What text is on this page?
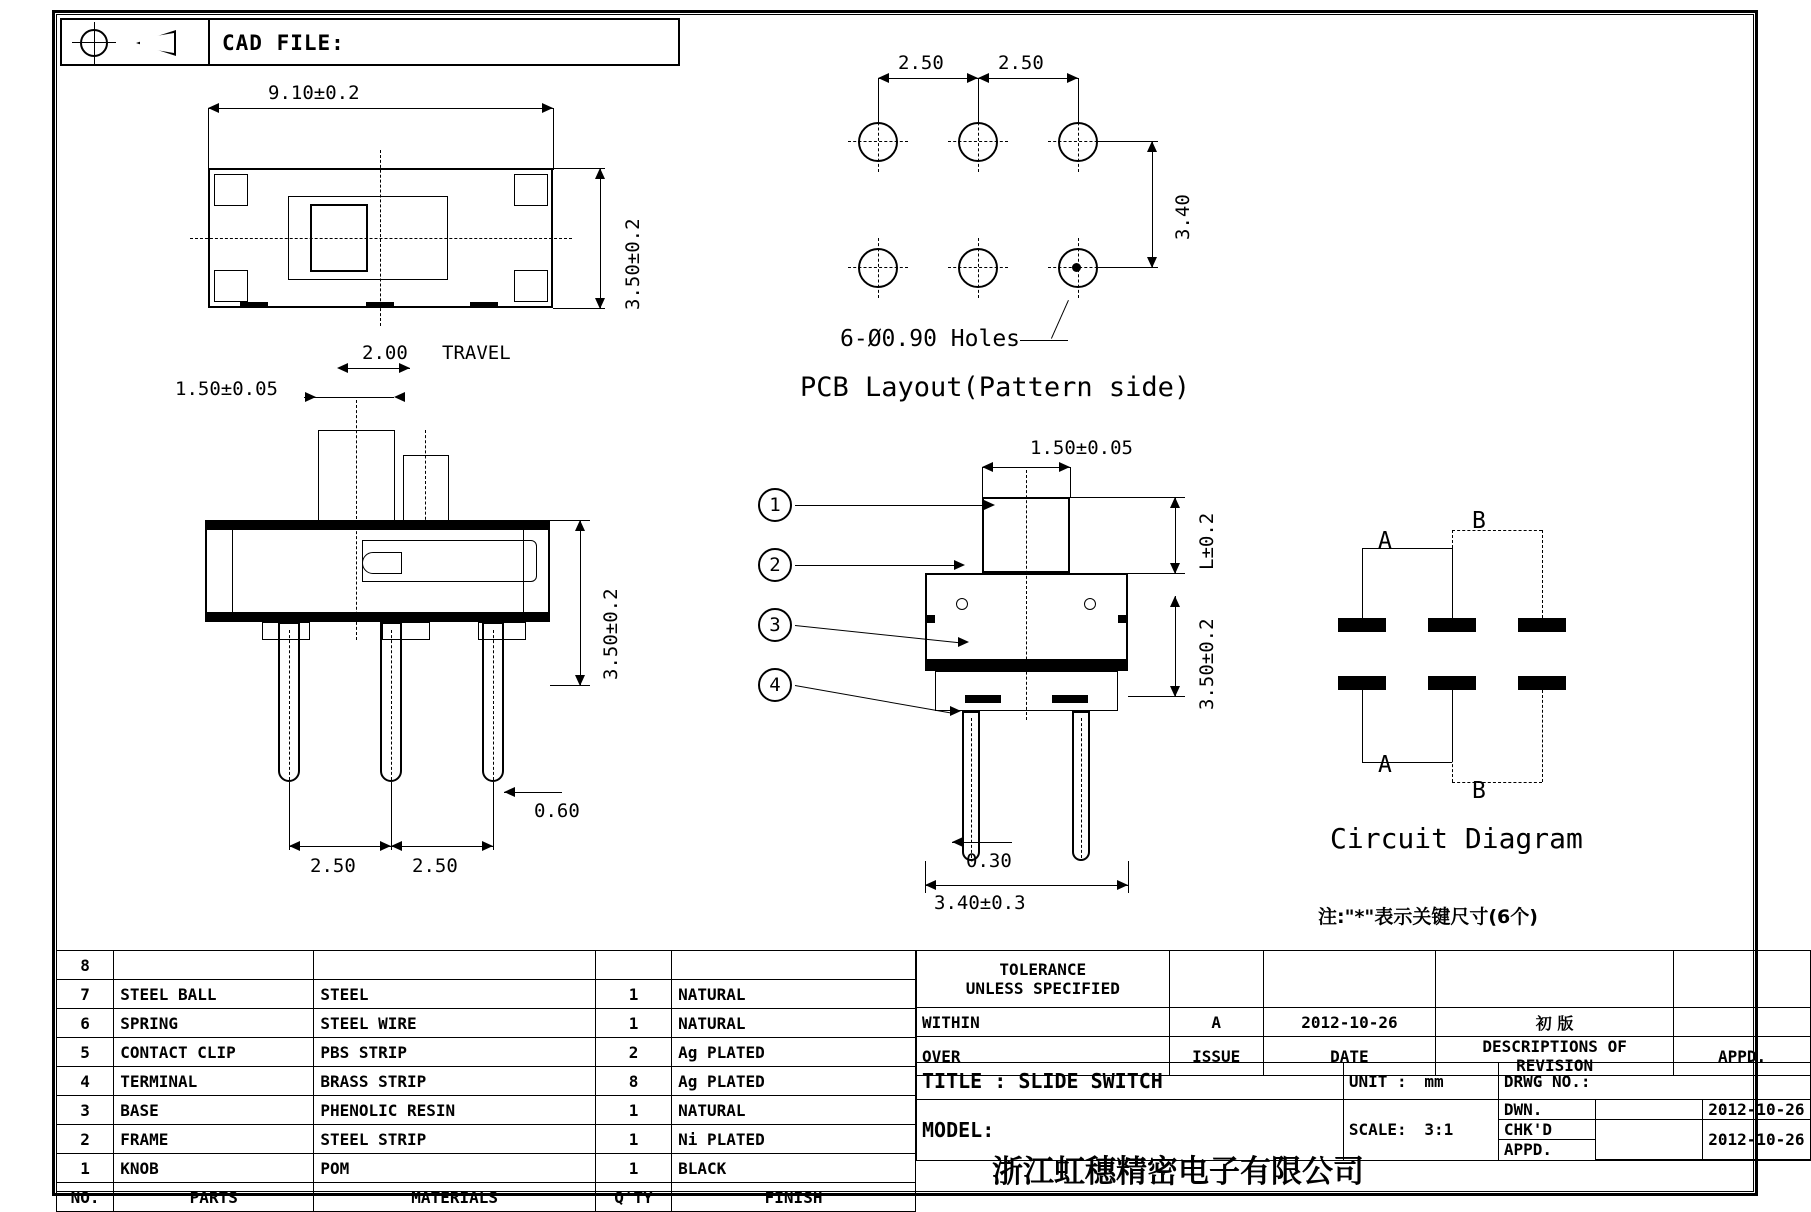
CAD FILE:
9.10±0.2
3.50±0.2
2.50	2.50
3.40
6-Ø0.90 Holes
PCB Layout(Pattern side)
1.50±0.05
2.00 TRAVEL
3.50±0.2
0.60
2.50	2.50
1.50±0.05
L±0.2
3.50±0.2
0.30
3.40±0.3
1
2
3
4
A
B
A
B
Circuit Diagram
注:"*"表示关键尺寸(6个)
8				
7	STEEL BALL	STEEL	1	NATURAL
6	SPRING	STEEL WIRE	1	NATURAL
5	CONTACT CLIP	PBS STRIP	2	Ag PLATED
4	TERMINAL	BRASS STRIP	8	Ag PLATED
3	BASE	PHENOLIC RESIN	1	NATURAL
2	FRAME	STEEL STRIP	1	Ni PLATED
1	KNOB	POM	1	BLACK
NO.	PARTS	MATERIALS	Q'TY	FINISH
TOLERANCE
UNLESS SPECIFIED				

WITHIN	A	2012-10-26	初 版	
OVER	ISSUE	DATE	DESCRIPTIONS OF REVISION	APPD.
TITLE : SLIDE SWITCH	UNIT : mm	DRWG NO.:
MODEL:	SCALE: 3:1	
DWN.		2012-10-26
CHK'D		2012-10-26
APPD.
浙江虹穗精密电子有限公司
